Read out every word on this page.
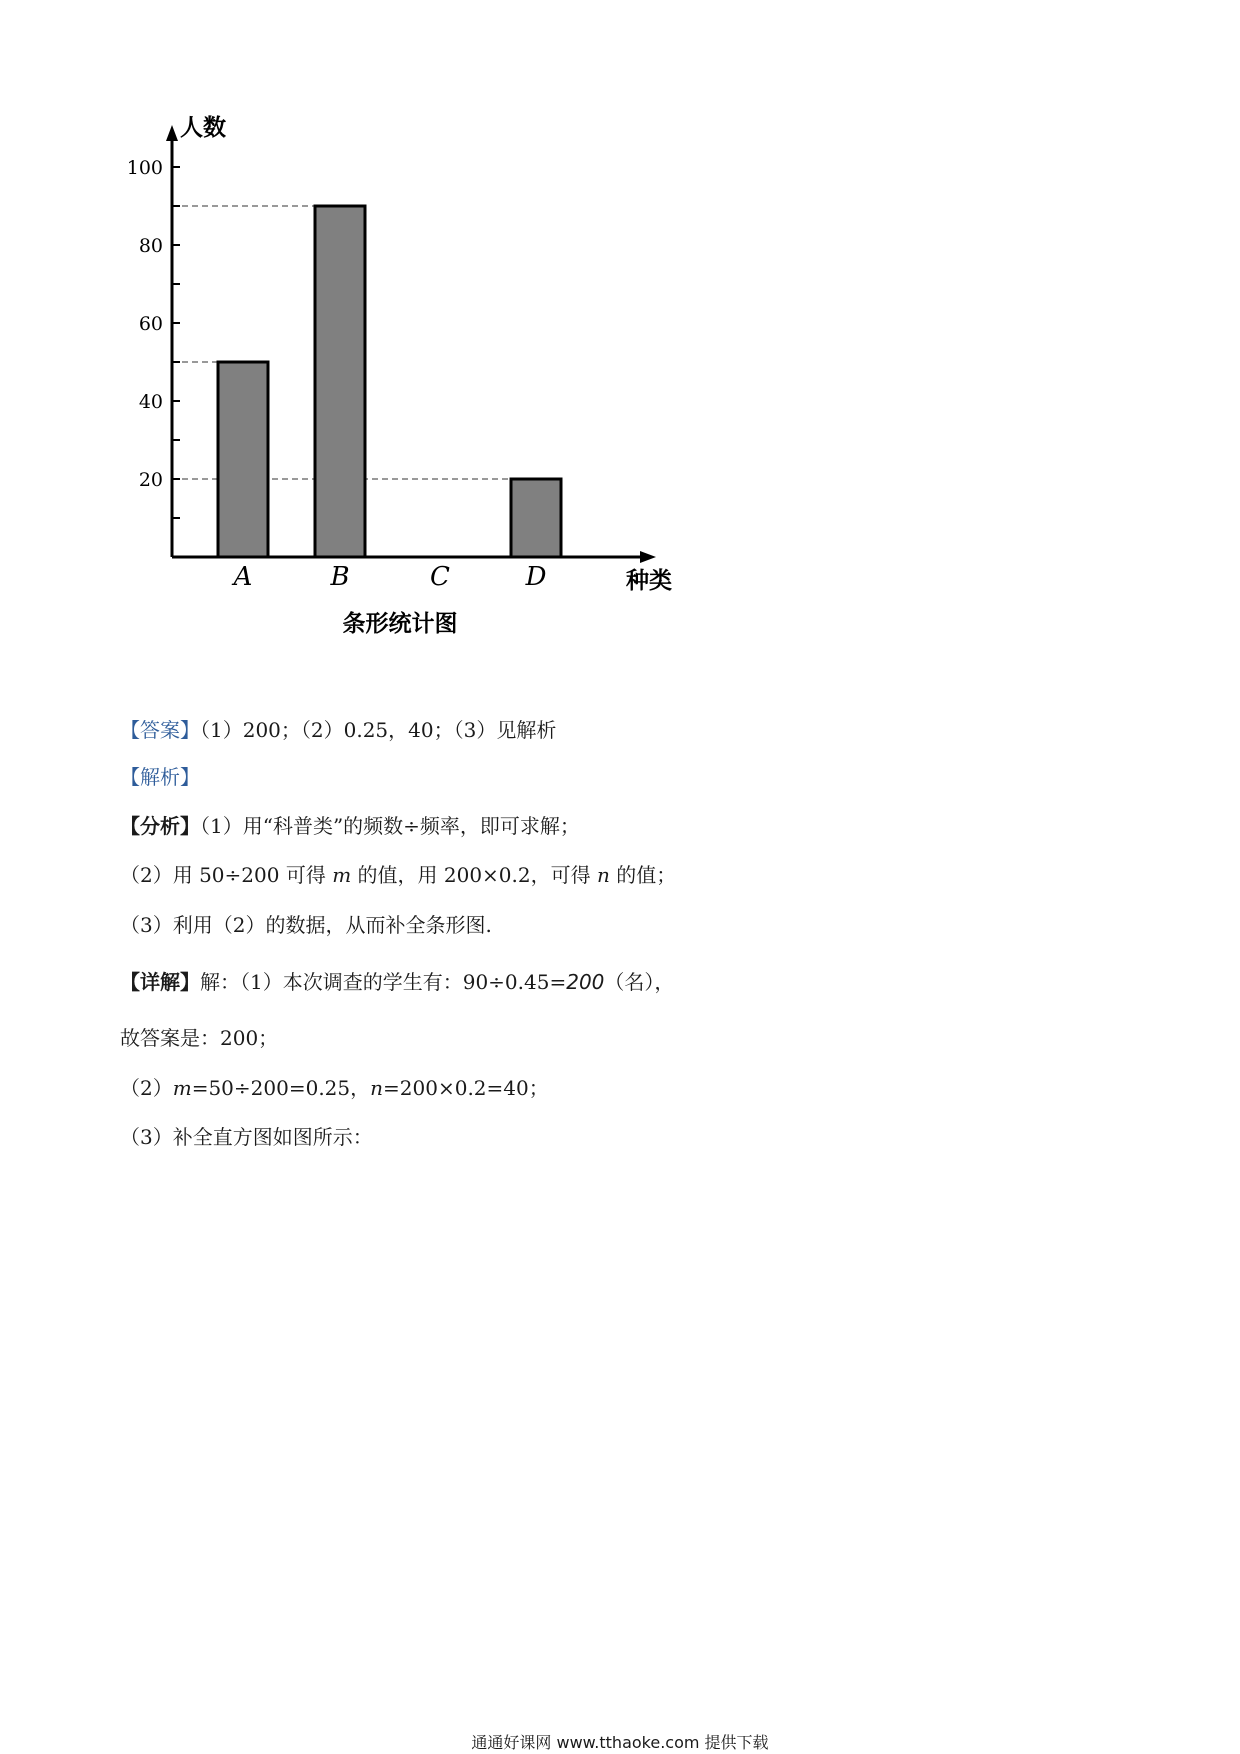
人数
种类
条形统计图
A	B	C	D
20
40
60
80
100
【答案】（1）200；（2）0.25，40；（3）见解析
【解析】
【分析】（1）用“科普类”的频数÷频率，即可求解；
（2）用 50÷200 可得 m 的值，用 200×0.2，可得 n 的值；
（3）利用（2）的数据，从而补全条形图.
【详解】解：（1）本次调查的学生有：90÷0.45=200（名），
故答案是：200；
（2）m=50÷200=0.25，n=200×0.2=40；
（3）补全直方图如图所示：
通通好课网 www.tthaoke.com 提供下载
